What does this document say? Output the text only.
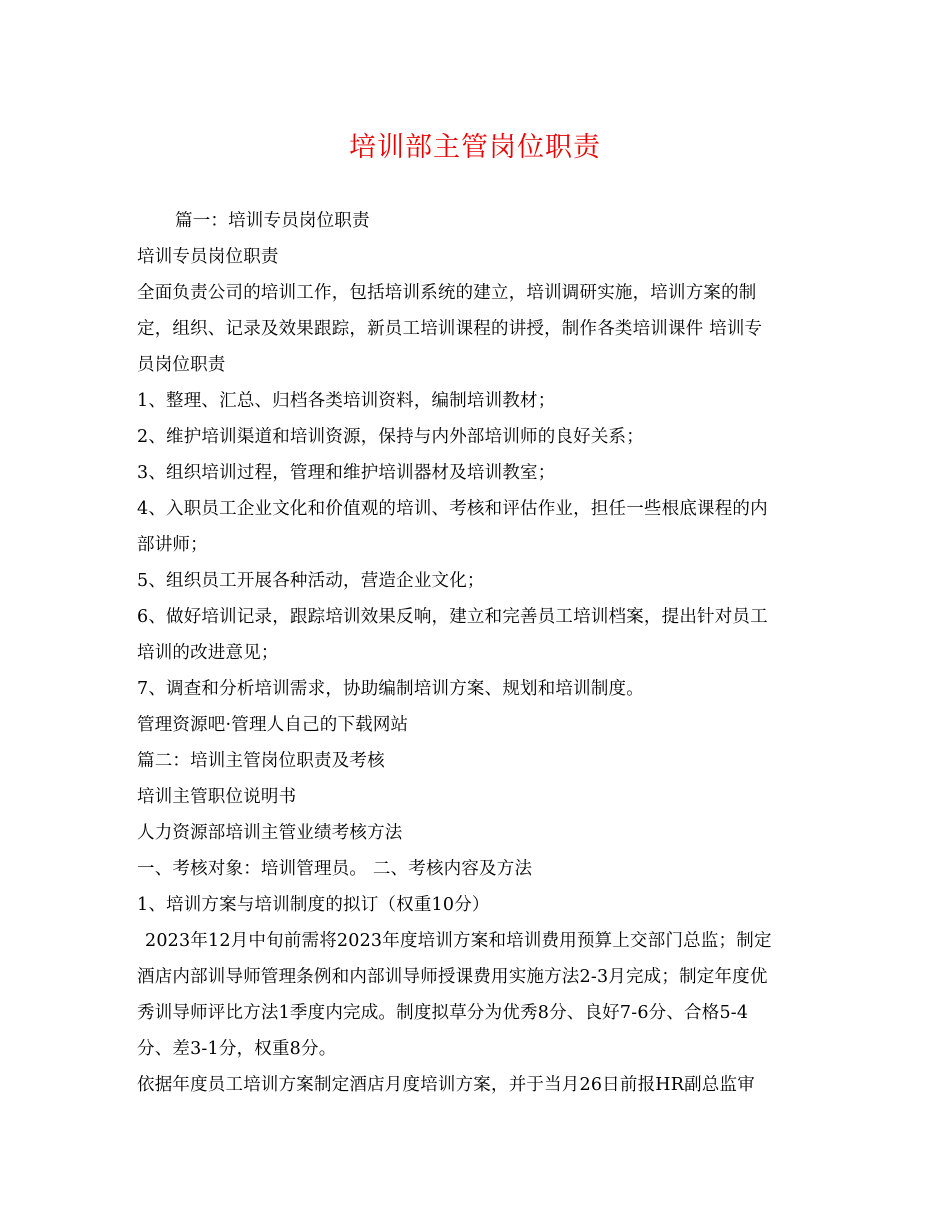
培训部主管岗位职责

篇一：培训专员岗位职责

培训专员岗位职责

全面负责公司的培训工作，包括培训系统的建立，培训调研实施，培训方案的制

定，组织、记录及效果跟踪，新员工培训课程的讲授，制作各类培训课件 培训专

员岗位职责

1、整理、汇总、归档各类培训资料，编制培训教材；

2、维护培训渠道和培训资源，保持与内外部培训师的良好关系；

3、组织培训过程，管理和维护培训器材及培训教室；

4、入职员工企业文化和价值观的培训、考核和评估作业，担任一些根底课程的内

部讲师；

5、组织员工开展各种活动，营造企业文化；

6、做好培训记录，跟踪培训效果反响，建立和完善员工培训档案，提出针对员工

培训的改进意见；

7、调查和分析培训需求，协助编制培训方案、规划和培训制度。

管理资源吧·管理人自己的下载网站

篇二：培训主管岗位职责及考核

培训主管职位说明书

人力资源部培训主管业绩考核方法

一、考核对象：培训管理员。 二、考核内容及方法

1、培训方案与培训制度的拟订（权重10分）

2023年12月中旬前需将2023年度培训方案和培训费用预算上交部门总监；制定

酒店内部训导师管理条例和内部训导师授课费用实施方法2-3月完成；制定年度优

秀训导师评比方法1季度内完成。制度拟草分为优秀8分、良好7-6分、合格5-4

分、差3-1分，权重8分。

依据年度员工培训方案制定酒店月度培训方案，并于当月26日前报HR副总监审
